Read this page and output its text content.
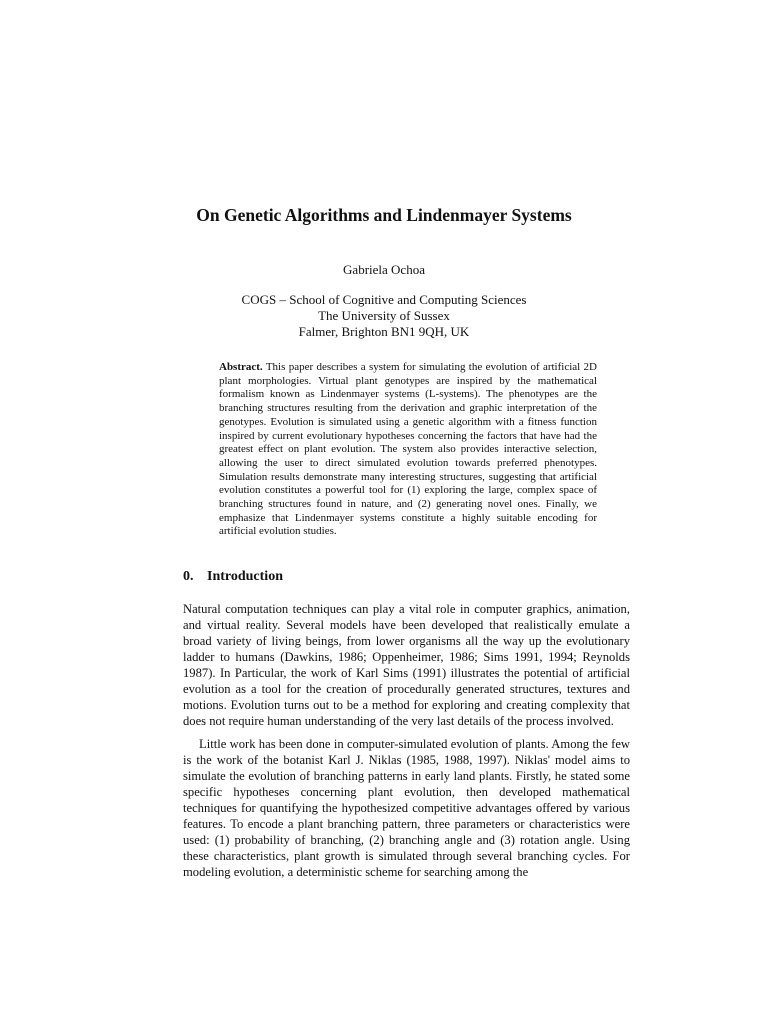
On Genetic Algorithms and Lindenmayer Systems

Gabriela Ochoa

COGS – School of Cognitive and Computing Sciences
The University of Sussex
Falmer, Brighton BN1 9QH, UK

Abstract. This paper describes a system for simulating the evolution of artificial 2D plant morphologies. Virtual plant genotypes are inspired by the mathematical formalism known as Lindenmayer systems (L-systems). The phenotypes are the branching structures resulting from the derivation and graphic interpretation of the genotypes. Evolution is simulated using a genetic algorithm with a fitness function inspired by current evolutionary hypotheses concerning the factors that have had the greatest effect on plant evolution. The system also provides interactive selection, allowing the user to direct simulated evolution towards preferred phenotypes. Simulation results demonstrate many interesting structures, suggesting that artificial evolution constitutes a powerful tool for (1) exploring the large, complex space of branching structures found in nature, and (2) generating novel ones. Finally, we emphasize that Lindenmayer systems constitute a highly suitable encoding for artificial evolution studies.

0. Introduction

Natural computation techniques can play a vital role in computer graphics, animation, and virtual reality. Several models have been developed that realistically emulate a broad variety of living beings, from lower organisms all the way up the evolutionary ladder to humans (Dawkins, 1986; Oppenheimer, 1986; Sims 1991, 1994; Reynolds 1987). In Particular, the work of Karl Sims (1991) illustrates the potential of artificial evolution as a tool for the creation of procedurally generated structures, textures and motions. Evolution turns out to be a method for exploring and creating complexity that does not require human understanding of the very last details of the process involved.

Little work has been done in computer-simulated evolution of plants. Among the few is the work of the botanist Karl J. Niklas (1985, 1988, 1997). Niklas' model aims to simulate the evolution of branching patterns in early land plants. Firstly, he stated some specific hypotheses concerning plant evolution, then developed mathematical techniques for quantifying the hypothesized competitive advantages offered by various features. To encode a plant branching pattern, three parameters or characteristics were used: (1) probability of branching, (2) branching angle and (3) rotation angle. Using these characteristics, plant growth is simulated through several branching cycles. For modeling evolution, a deterministic scheme for searching among the
